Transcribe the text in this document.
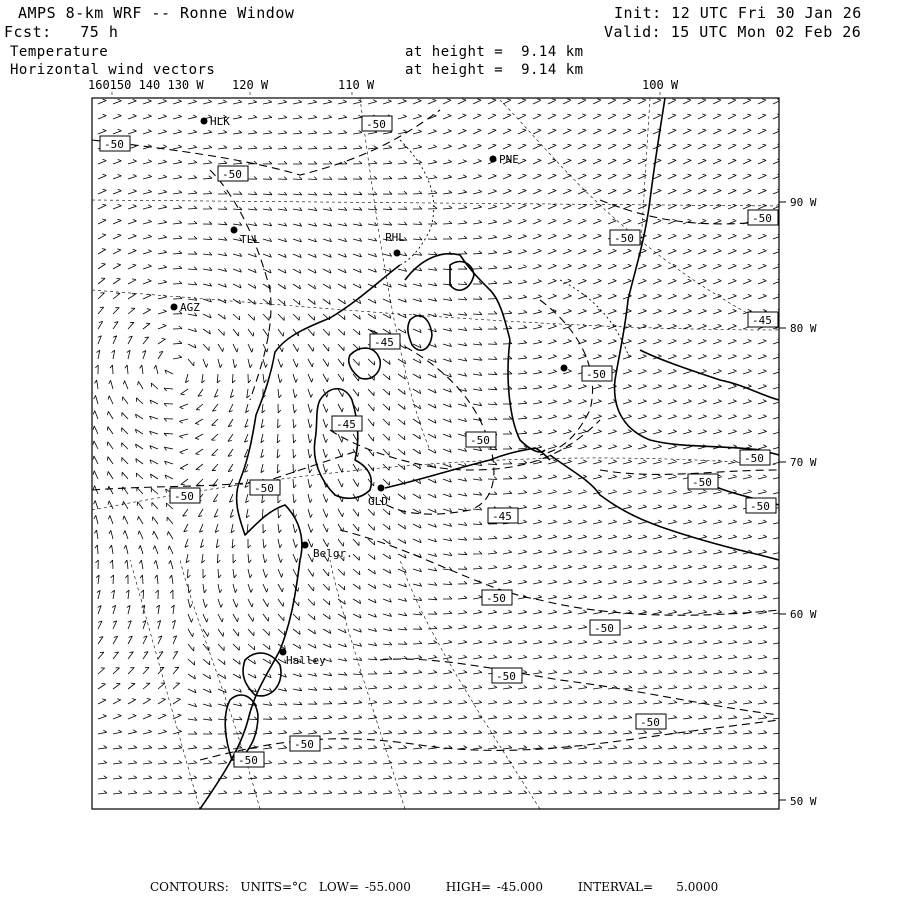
AMPS 8-km WRF -- Ronne Window
Fcst:   75 h
Init: 12 UTC Fri 30 Jan 26
Valid: 15 UTC Mon 02 Feb 26
Temperature
Horizontal wind vectors
at height =  9.14 km
at height =  9.14 km
160150 140 130 W 120 W	110 W	100 W
90 W
80 W
70 W
60 W
50 W
HLK
PNE
TLL	PHL
AGZ
GLD
Belgr.
Halley
-50
-50
-50
-50
-50
-45
-45
-45
-50
-50
-50
-45
-50
-50	-50
-50
-50
-50
-50
-50
-50
-50
CONTOURS:  UNITS=°C  LOW= -55.000      HIGH= -45.000      INTERVAL=    5.0000
